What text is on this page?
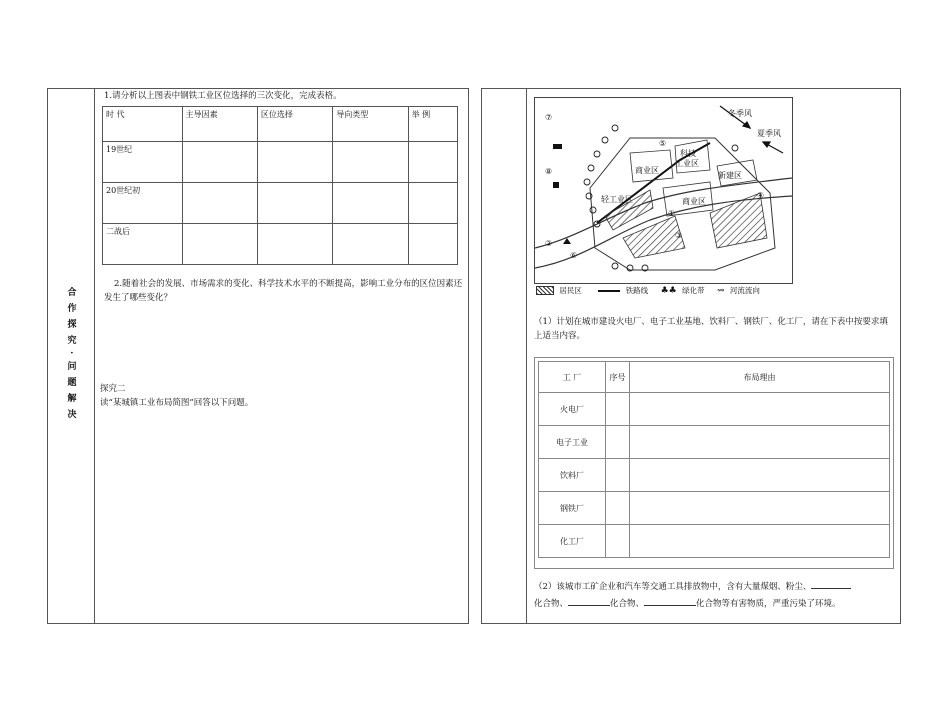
合作探究·问题解决
1.请分析以上图表中钢铁工业区位选择的三次变化，完成表格。
时 代	主导因素	区位选择	导向类型	举 例
19世纪				
20世纪初				
二战后				
2.随着社会的发展、市场需求的变化、科学技术水平的不断提高，影响工业分布的区位因素还发生了哪些变化？
探究二
读“某城镇工业布局简图”回答以下问题。
⑦
⑧
②
⑥
⑤
①
③
④
商业区
科技
工业区
轻工业区
新建区
商业区
冬季风
夏季风
居民区	铁路线 ♣♣ 绿化带 ⇝ 河流流向
（1）计划在城市建设火电厂、电子工业基地、饮料厂、钢铁厂、化工厂，请在下表中按要求填上适当内容。
工 厂	序号	布局理由
火电厂		
电子工业		
饮料厂		
钢铁厂		
化工厂		
（2）该城市工矿企业和汽车等交通工具排放物中，含有大量煤烟、粉尘、
化合物、	化合物、	化合物等有害物质，严重污染了环境。
